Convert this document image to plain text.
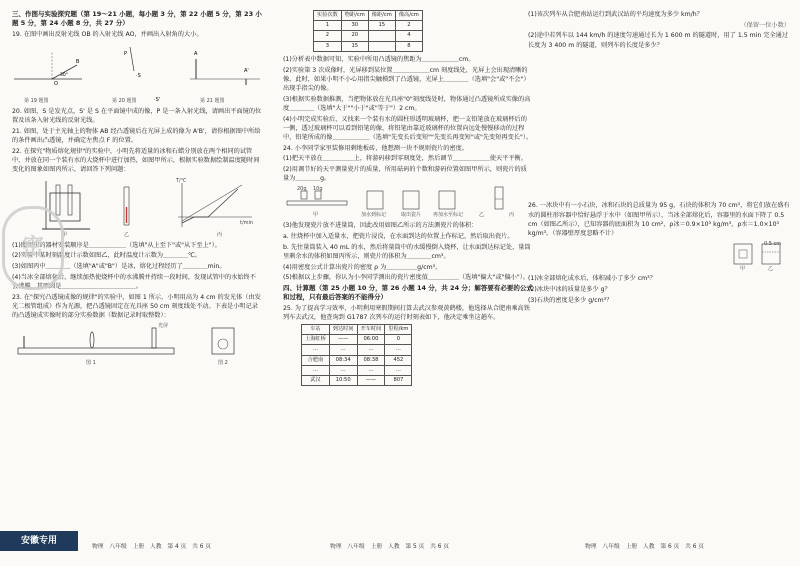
三、作图与实验探究题（第 19～21 小题，每小题 3 分，第 22 小题 5 分，第 23 小题 5 分，第 24 小题 8 分，共 27 分）

19. 在图中画出反射光线 OB 的入射光线 AO，并画出入射角的大小。

O
B
30°
P
·S
·S'
A
A'
第 19 题图	第 20 题图	第 21 题图

20. 如图，S 是发光点，S' 是 S 在平面镜中成的像，P 是一条入射光线，请画出平面镜的位置及该条入射光线的反射光线。

21. 如图，处于主光轴上的物体 AB 经凸透镜后在光屏上成的像为 A'B'，请你根据图中所给的条件画出凸透镜，并确定左焦点 F 的位置。

22. 在探究"物质熔化规律"的实验中，小明先将适量的冰和石蜡分别放在两个相同的试管中，并放在同一个装有水的大烧杯中进行加热，如图甲所示，根据实验数据绘制温度随时间变化的图象如图丙所示，请回答下列问题：

甲	乙	丙
T/℃
t/min

(1)图甲中的器材安装顺序是＿＿＿＿＿＿（选填"从上至下"或"从下至上"）。

(2)实验中某时刻温度计示数如图乙，此时温度计示数为＿＿＿＿℃。

(3)如图丙中＿＿＿＿（选填"A"或"B"）是冰，熔化过程经历了＿＿＿＿min。

(4)当冰全部熔化后，继续加热使烧杯中的水沸腾并持续一段时间，发现试管中的水始终不会沸腾，其原因是＿＿＿＿＿＿＿＿＿＿＿＿。

23. 在"探究凸透镜成像的规律"的实验中，如图 1 所示，小明用高为 4 cm 的发光体（由发光二极管组成）作为光源，把凸透镜固定在光具座 50 cm 刻度线处不动。下表是小明记录的凸透镜成实像时的部分实验数据（数据记录时取整数）：

光屏
图 1	图 2
密
实验次数	物距/cm	像距/cm	像高/cm
1	30	15	2
2	20		4
3	15		8

(1)分析表中数据可知，实验中所用凸透镜的焦距为＿＿＿＿＿＿cm。

(2)实验第 3 次成像时，光屏移到某位置＿＿＿＿＿＿cm 刻度线处，光屏上会出现清晰的像，此时，如果小明不小心用指尖触摸到了凸透镜，光屏上＿＿＿＿（选填"会"或"不会"）出现手指尖的像。

(3)根据实验数据推测，当把物体放在光具座"0"刻度线处时，物体通过凸透镜所成实像的高度＿＿＿＿（选填"大于""小于"或"等于"）2 cm。

(4)小明完成实验后，又找来一个装有水的圆柱形透明玻璃杯，把一支铅笔放在玻璃杯后的一侧，透过玻璃杯可以看到铅笔的像，将铅笔由靠近玻璃杯的位置向远处慢慢移动的过程中，铅笔所成的像＿＿＿＿＿＿（选填"先变长后变短""先变长再变短"或"先变短再变长"）。

24. 小李同学家里装修用剩地板砖，他想测一块不规则瓷片的密度。

(1)把天平放在＿＿＿＿＿上，将游码移到零刻度处，然后调节＿＿＿＿＿＿使天平平衡。

(2)用调节好的天平测量瓷片的质量，所用砝码的个数和游码位置如图甲所示，则瓷片的质量为＿＿＿＿g。

20g 10g
加水到标记	取出瓷片 再加水至标记
甲	乙	丙

(3)他发现瓷片放不进量筒，因此改用如图乙所示的方法测瓷片的体积：

a. 往烧杯中加入适量水，把瓷片浸没，在水面到达的位置上作标记，然后取出瓷片。

b. 先往量筒装入 40 mL 的水，然后将量筒中的水缓慢倒入烧杯，让水面到达标记处，量筒里剩余水的体积如图丙所示，则瓷片的体积为＿＿＿＿cm³。

(4)用密度公式计算出瓷片的密度 ρ 为＿＿＿＿＿g/cm³。

(5)根据以上步骤，你认为小李同学测出的瓷片密度值＿＿＿＿＿（选填"偏大"或"偏小"）。

四、计算题（第 25 小题 10 分，第 26 小题 14 分，共 24 分；解答要有必要的公式和过程，只有最后答案的不能得分）

25. 为了提高学习效率，小明利用寒假期间打算去武汉参观黄鹤楼，他选择从合肥南乘高铁列车去武汉，他查询到 G1787 次列车的运行时刻表如下，他决定乘坐这趟车。

车站	到达时间	开车时间	里程/km
上海虹桥	——	06:00	0
…	…	…	…
合肥南	08:34	08:38	452
…	…	…	…
武汉	10:50	——	807

(1)该次列车从合肥南站运行到武汉站的平均速度为多少 km/h？

（保留一位小数）

(2)途中若列车以 144 km/h 的速度匀速通过长为 1 600 m 的隧道时，用了 1.5 min 完全通过长度为 3 400 m 的隧道，则列车的长度是多少？

26. 一冰块中有一小石块，冰和石块的总质量为 95 g，石块的体积为 70 cm³，将它们放在盛有水的圆柱形容器中恰好悬浮于水中（如图甲所示），当冰全部熔化后，容器里的水面下降了 0.5 cm（如图乙所示），已知容器的底面积为 10 cm²，ρ冰＝0.9×10³ kg/m³，ρ水＝1.0×10³ kg/m³。（容器壁厚度忽略不计）

甲	乙
0.5 cm

(1)冰全部熔化成水后，体积减小了多少 cm³？

(2)冰块中冰的质量是多少 g？

(3)石块的密度是多少 g/cm³？

安徽专用
物理　八年级　上册　人教　第 4 页　共 6 页	物理　八年级　上册　人教　第 5 页　共 6 页	物理　八年级　上册　人教　第 6 页　共 6 页
